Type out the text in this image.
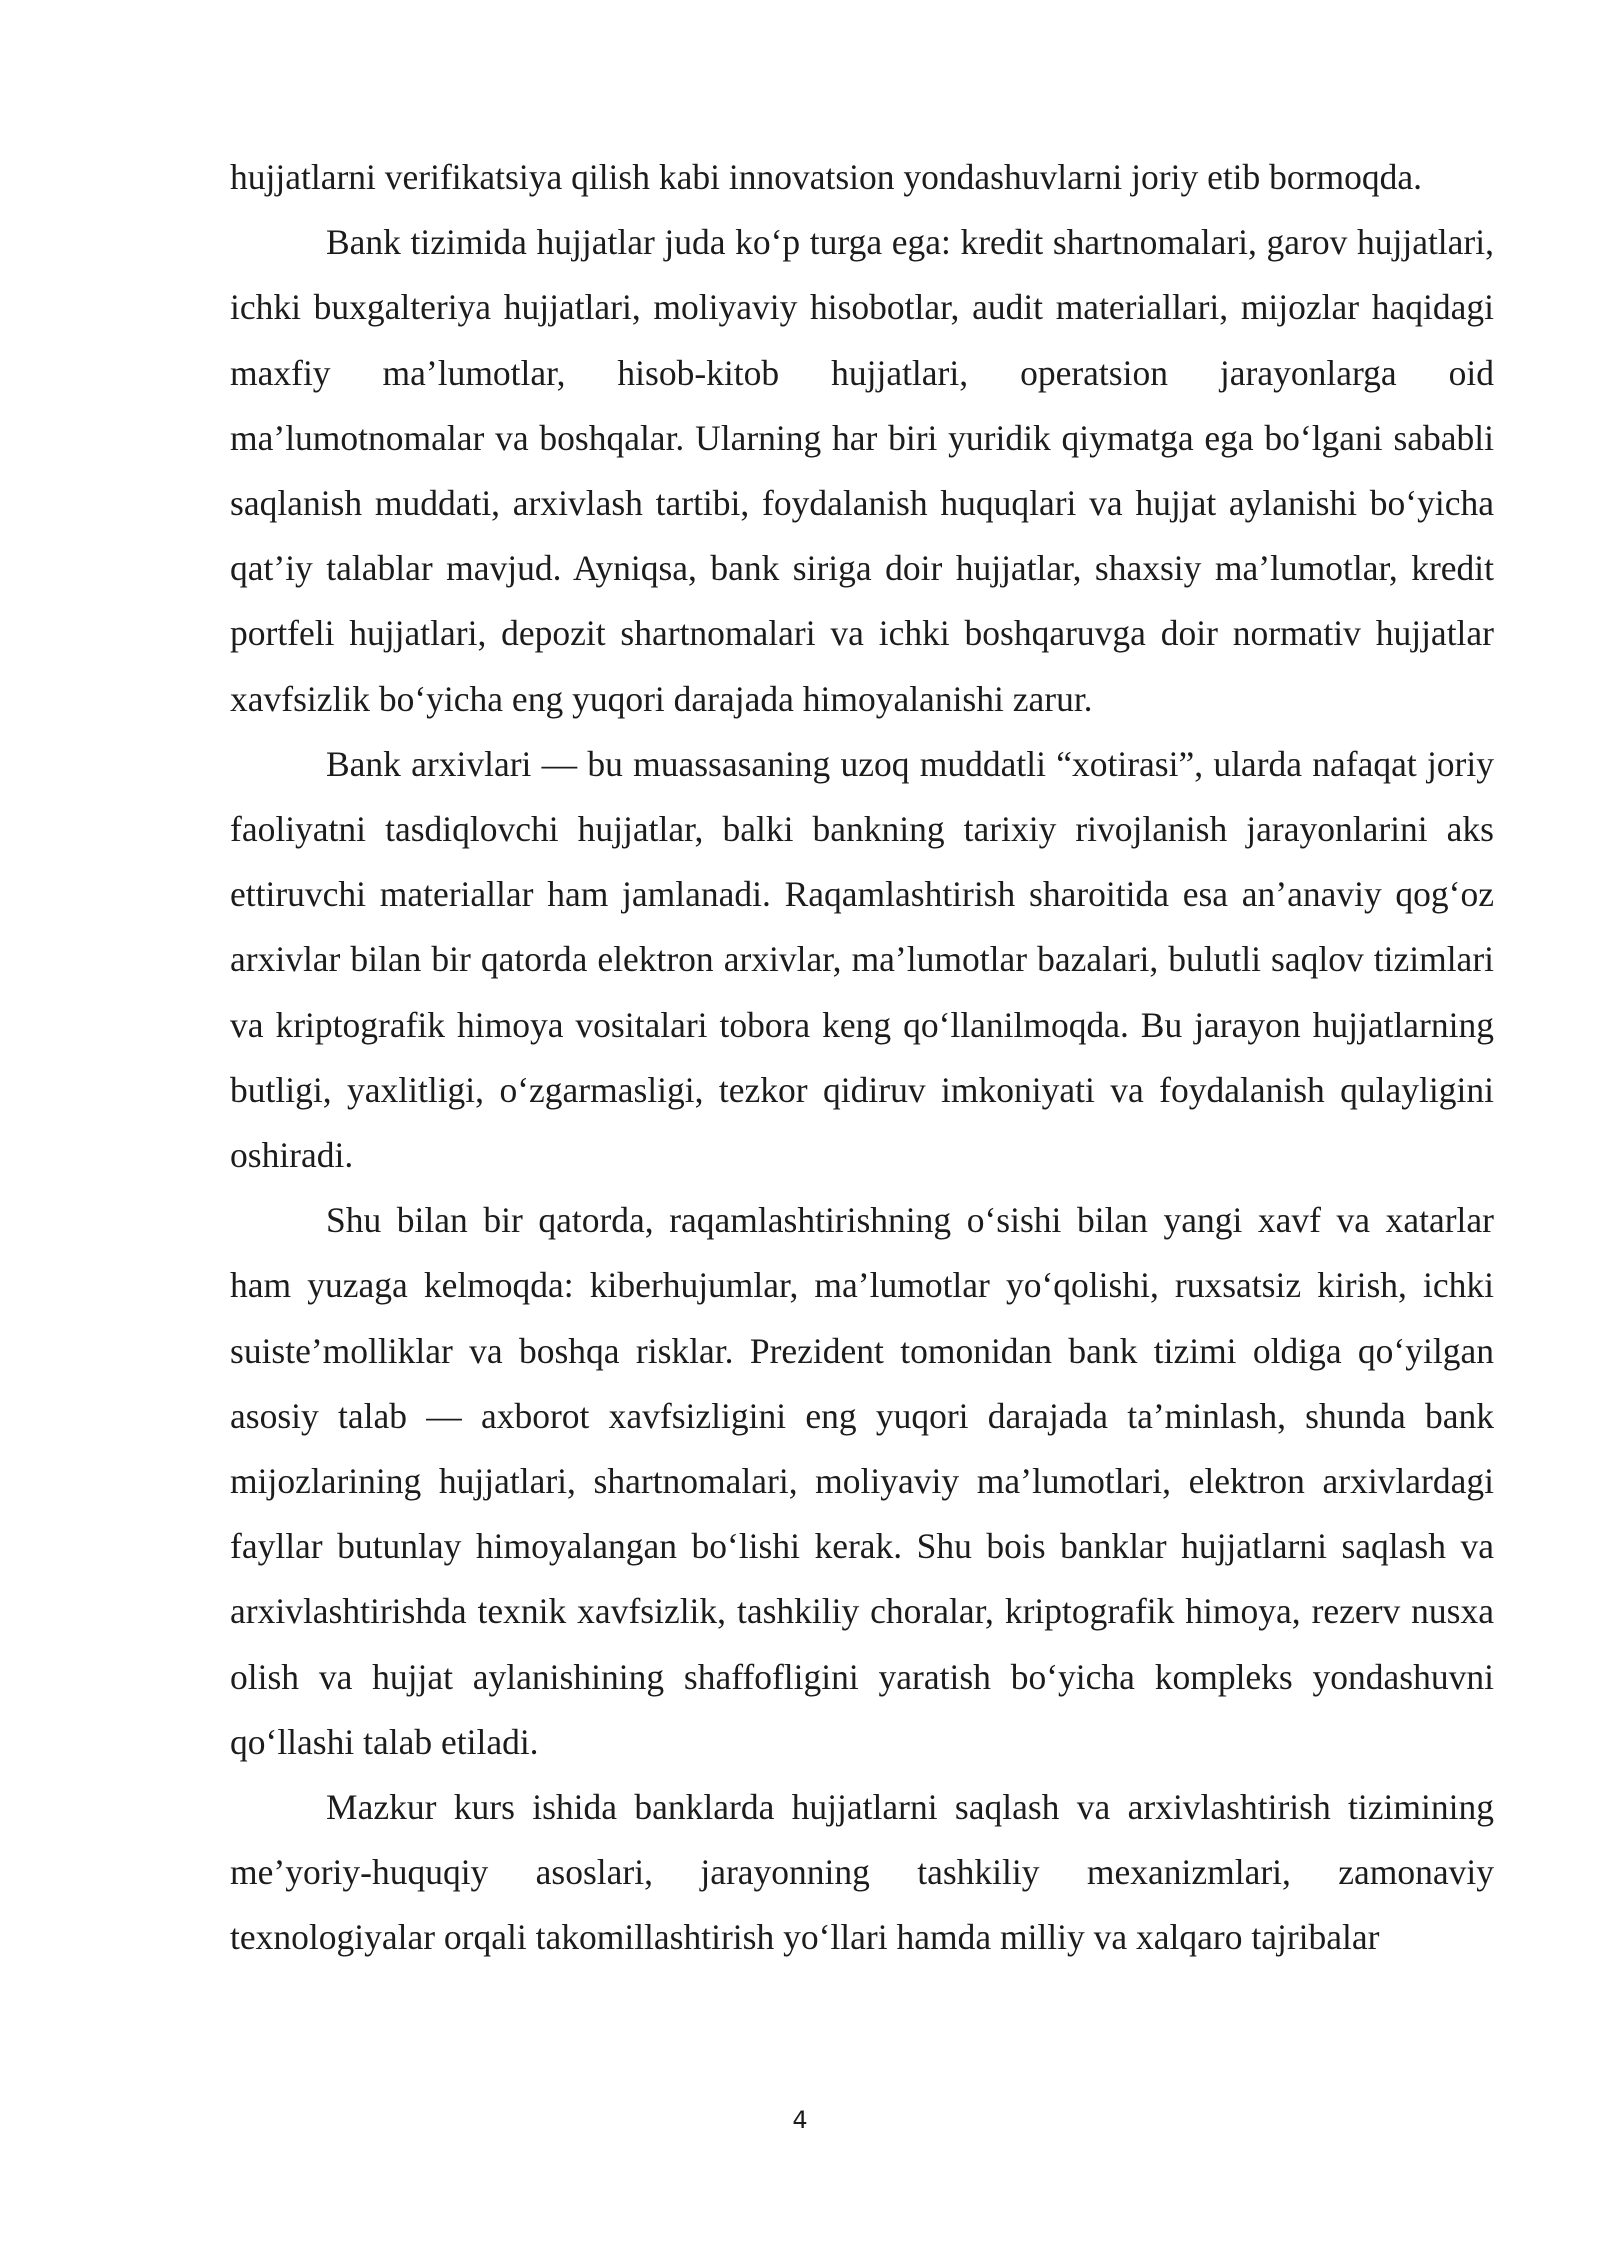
hujjatlarni verifikatsiya qilish kabi innovatsion yondashuvlarni joriy etib bormoqda.

Bank tizimida hujjatlar juda ko‘p turga ega: kredit shartnomalari, garov hujjatlari, ichki buxgalteriya hujjatlari, moliyaviy hisobotlar, audit materiallari, mijozlar haqidagi maxfiy ma’lumotlar, hisob-kitob hujjatlari, operatsion jarayonlarga oid ma’lumotnomalar va boshqalar. Ularning har biri yuridik qiymatga ega bo‘lgani sababli saqlanish muddati, arxivlash tartibi, foydalanish huquqlari va hujjat aylanishi bo‘yicha qat’iy talablar mavjud. Ayniqsa, bank siriga doir hujjatlar, shaxsiy ma’lumotlar, kredit portfeli hujjatlari, depozit shartnomalari va ichki boshqaruvga doir normativ hujjatlar xavfsizlik bo‘yicha eng yuqori darajada himoyalanishi zarur.

Bank arxivlari — bu muassasaning uzoq muddatli “xotirasi”, ularda nafaqat joriy faoliyatni tasdiqlovchi hujjatlar, balki bankning tarixiy rivojlanish jarayonlarini aks ettiruvchi materiallar ham jamlanadi. Raqamlashtirish sharoitida esa an’anaviy qog‘oz arxivlar bilan bir qatorda elektron arxivlar, ma’lumotlar bazalari, bulutli saqlov tizimlari va kriptografik himoya vositalari tobora keng qo‘llanilmoqda. Bu jarayon hujjatlarning butligi, yaxlitligi, o‘zgarmasligi, tezkor qidiruv imkoniyati va foydalanish qulayligini oshiradi.

Shu bilan bir qatorda, raqamlashtirishning o‘sishi bilan yangi xavf va xatarlar ham yuzaga kelmoqda: kiberhujumlar, ma’lumotlar yo‘qolishi, ruxsatsiz kirish, ichki suiste’molliklar va boshqa risklar. Prezident tomonidan bank tizimi oldiga qo‘yilgan asosiy talab — axborot xavfsizligini eng yuqori darajada ta’minlash, shunda bank mijozlarining hujjatlari, shartnomalari, moliyaviy ma’lumotlari, elektron arxivlardagi fayllar butunlay himoyalangan bo‘lishi kerak. Shu bois banklar hujjatlarni saqlash va arxivlashtirishda texnik xavfsizlik, tashkiliy choralar, kriptografik himoya, rezerv nusxa olish va hujjat aylanishining shaffofligini yaratish bo‘yicha kompleks yondashuvni qo‘llashi talab etiladi.

Mazkur kurs ishida banklarda hujjatlarni saqlash va arxivlashtirish tizimining me’yoriy-huquqiy asoslari, jarayonning tashkiliy mexanizmlari, zamonaviy texnologiyalar orqali takomillashtirish yo‘llari hamda milliy va xalqaro tajribalar

4
